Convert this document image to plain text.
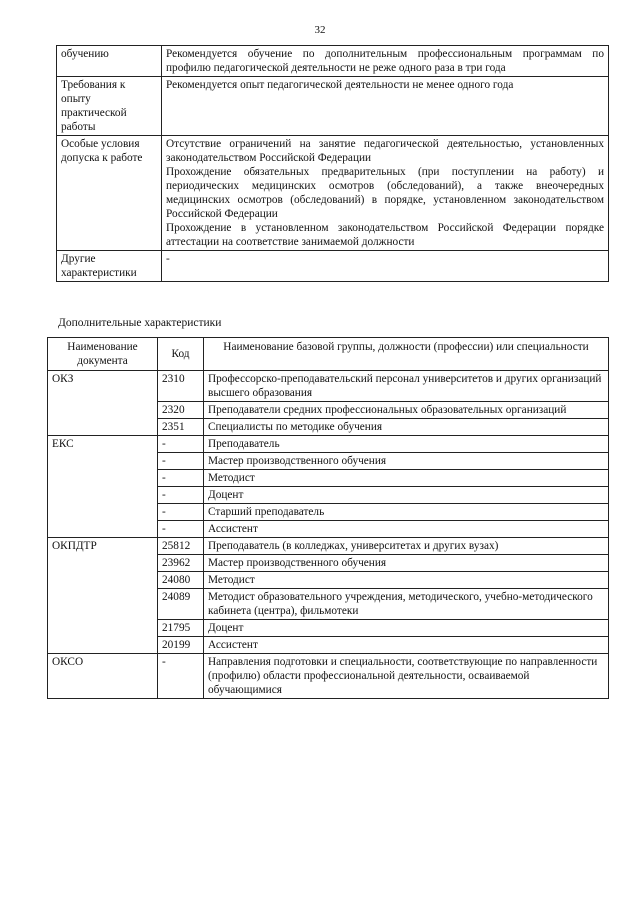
32
обучению	Рекомендуется обучение по дополнительным профессиональным программам по профилю педагогической деятельности не реже одного раза в три года

Требования к опыту практической работы	Рекомендуется опыт педагогической деятельности не менее одного года

Особые условия допуска к работе	Отсутствие ограничений на занятие педагогической деятельностью, установленных законодательством Российской Федерации

Прохождение обязательных предварительных (при поступлении на работу) и периодических медицинских осмотров (обследований), а также внеочередных медицинских осмотров (обследований) в порядке, установленном законодательством Российской Федерации

Прохождение в установленном законодательством Российской Федерации порядке аттестации на соответствие занимаемой должности

Другие характеристики	-

Дополнительные характеристики
Наименование документа	Код	Наименование базовой группы, должности (профессии) или специальности
ОКЗ	2310	Профессорско-преподавательский персонал университетов и других организаций высшего образования
	2320	Преподаватели средних профессиональных образовательных организаций
	2351	Специалисты по методике обучения
ЕКС	-	Преподаватель
	-	Мастер производственного обучения
	-	Методист
	-	Доцент
	-	Старший преподаватель
	-	Ассистент
ОКПДТР	25812	Преподаватель (в колледжах, университетах и других вузах)
	23962	Мастер производственного обучения
	24080	Методист
	24089	Методист образовательного учреждения, методического, учебно-методического кабинета (центра), фильмотеки
	21795	Доцент
	20199	Ассистент
ОКСО	-	Направления подготовки и специальности, соответствующие по направленности (профилю) области профессиональной деятельности, осваиваемой обучающимися
